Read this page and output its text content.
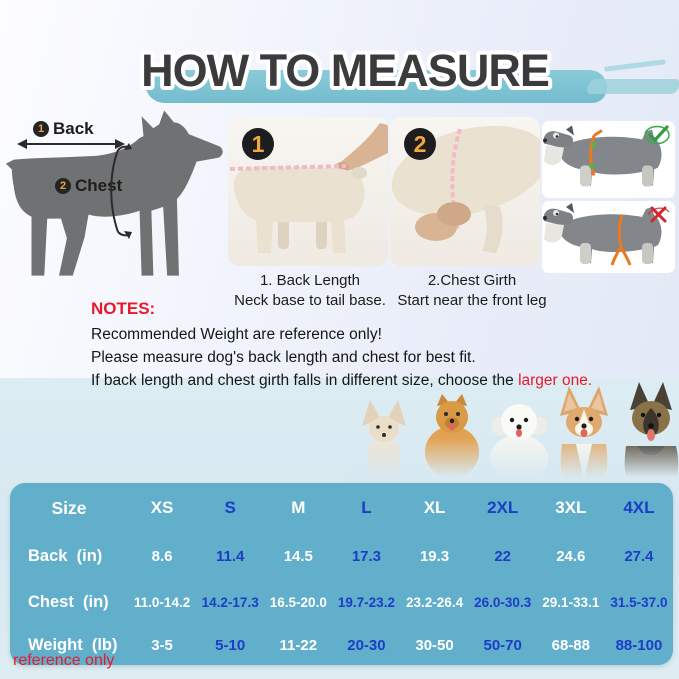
HOW TO MEASURE
1 Back
2 Chest
1
1. Back Length
Neck base to tail base.
2
2.Chest Girth
Start near the front leg
NOTES:

Recommended Weight are reference only!

Please measure dog's back length and chest for best fit.

If back length and chest girth falls in different size, choose the larger one.

Size	XS	S	M	L	XL 2XL 3XL 4XL
Back  (in)	8.6	11.4	14.5	17.3	19.3	22	24.6	27.4
Chest  (in) 11.0-14.2 14.2-17.3 16.5-20.0 19.7-23.2 23.2-26.4 26.0-30.3 29.1-33.1 31.5-37.0
Weight  (lb) 3-5	5-10 11-22 20-30 30-50 50-70 68-88 88-100
reference only
